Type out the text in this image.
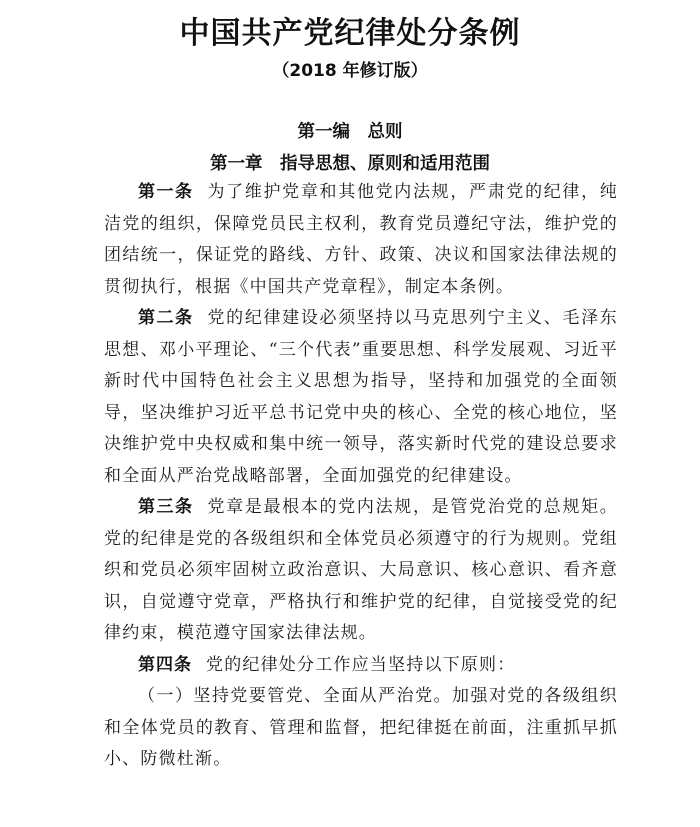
中国共产党纪律处分条例
（2018 年修订版）
第一编　总则
第一章　指导思想、原则和适用范围

第一条 为了维护党章和其他党内法规，严肃党的纪律，纯洁党的组织，保障党员民主权利，教育党员遵纪守法，维护党的团结统一，保证党的路线、方针、政策、决议和国家法律法规的贯彻执行，根据《中国共产党章程》，制定本条例。

第二条 党的纪律建设必须坚持以马克思列宁主义、毛泽东思想、邓小平理论、“三个代表”重要思想、科学发展观、习近平新时代中国特色社会主义思想为指导，坚持和加强党的全面领导，坚决维护习近平总书记党中央的核心、全党的核心地位，坚决维护党中央权威和集中统一领导，落实新时代党的建设总要求和全面从严治党战略部署，全面加强党的纪律建设。

第三条 党章是最根本的党内法规，是管党治党的总规矩。党的纪律是党的各级组织和全体党员必须遵守的行为规则。党组织和党员必须牢固树立政治意识、大局意识、核心意识、看齐意识，自觉遵守党章，严格执行和维护党的纪律，自觉接受党的纪律约束，模范遵守国家法律法规。

第四条 党的纪律处分工作应当坚持以下原则：

（一）坚持党要管党、全面从严治党。加强对党的各级组织和全体党员的教育、管理和监督，把纪律挺在前面，注重抓早抓小、防微杜渐。
